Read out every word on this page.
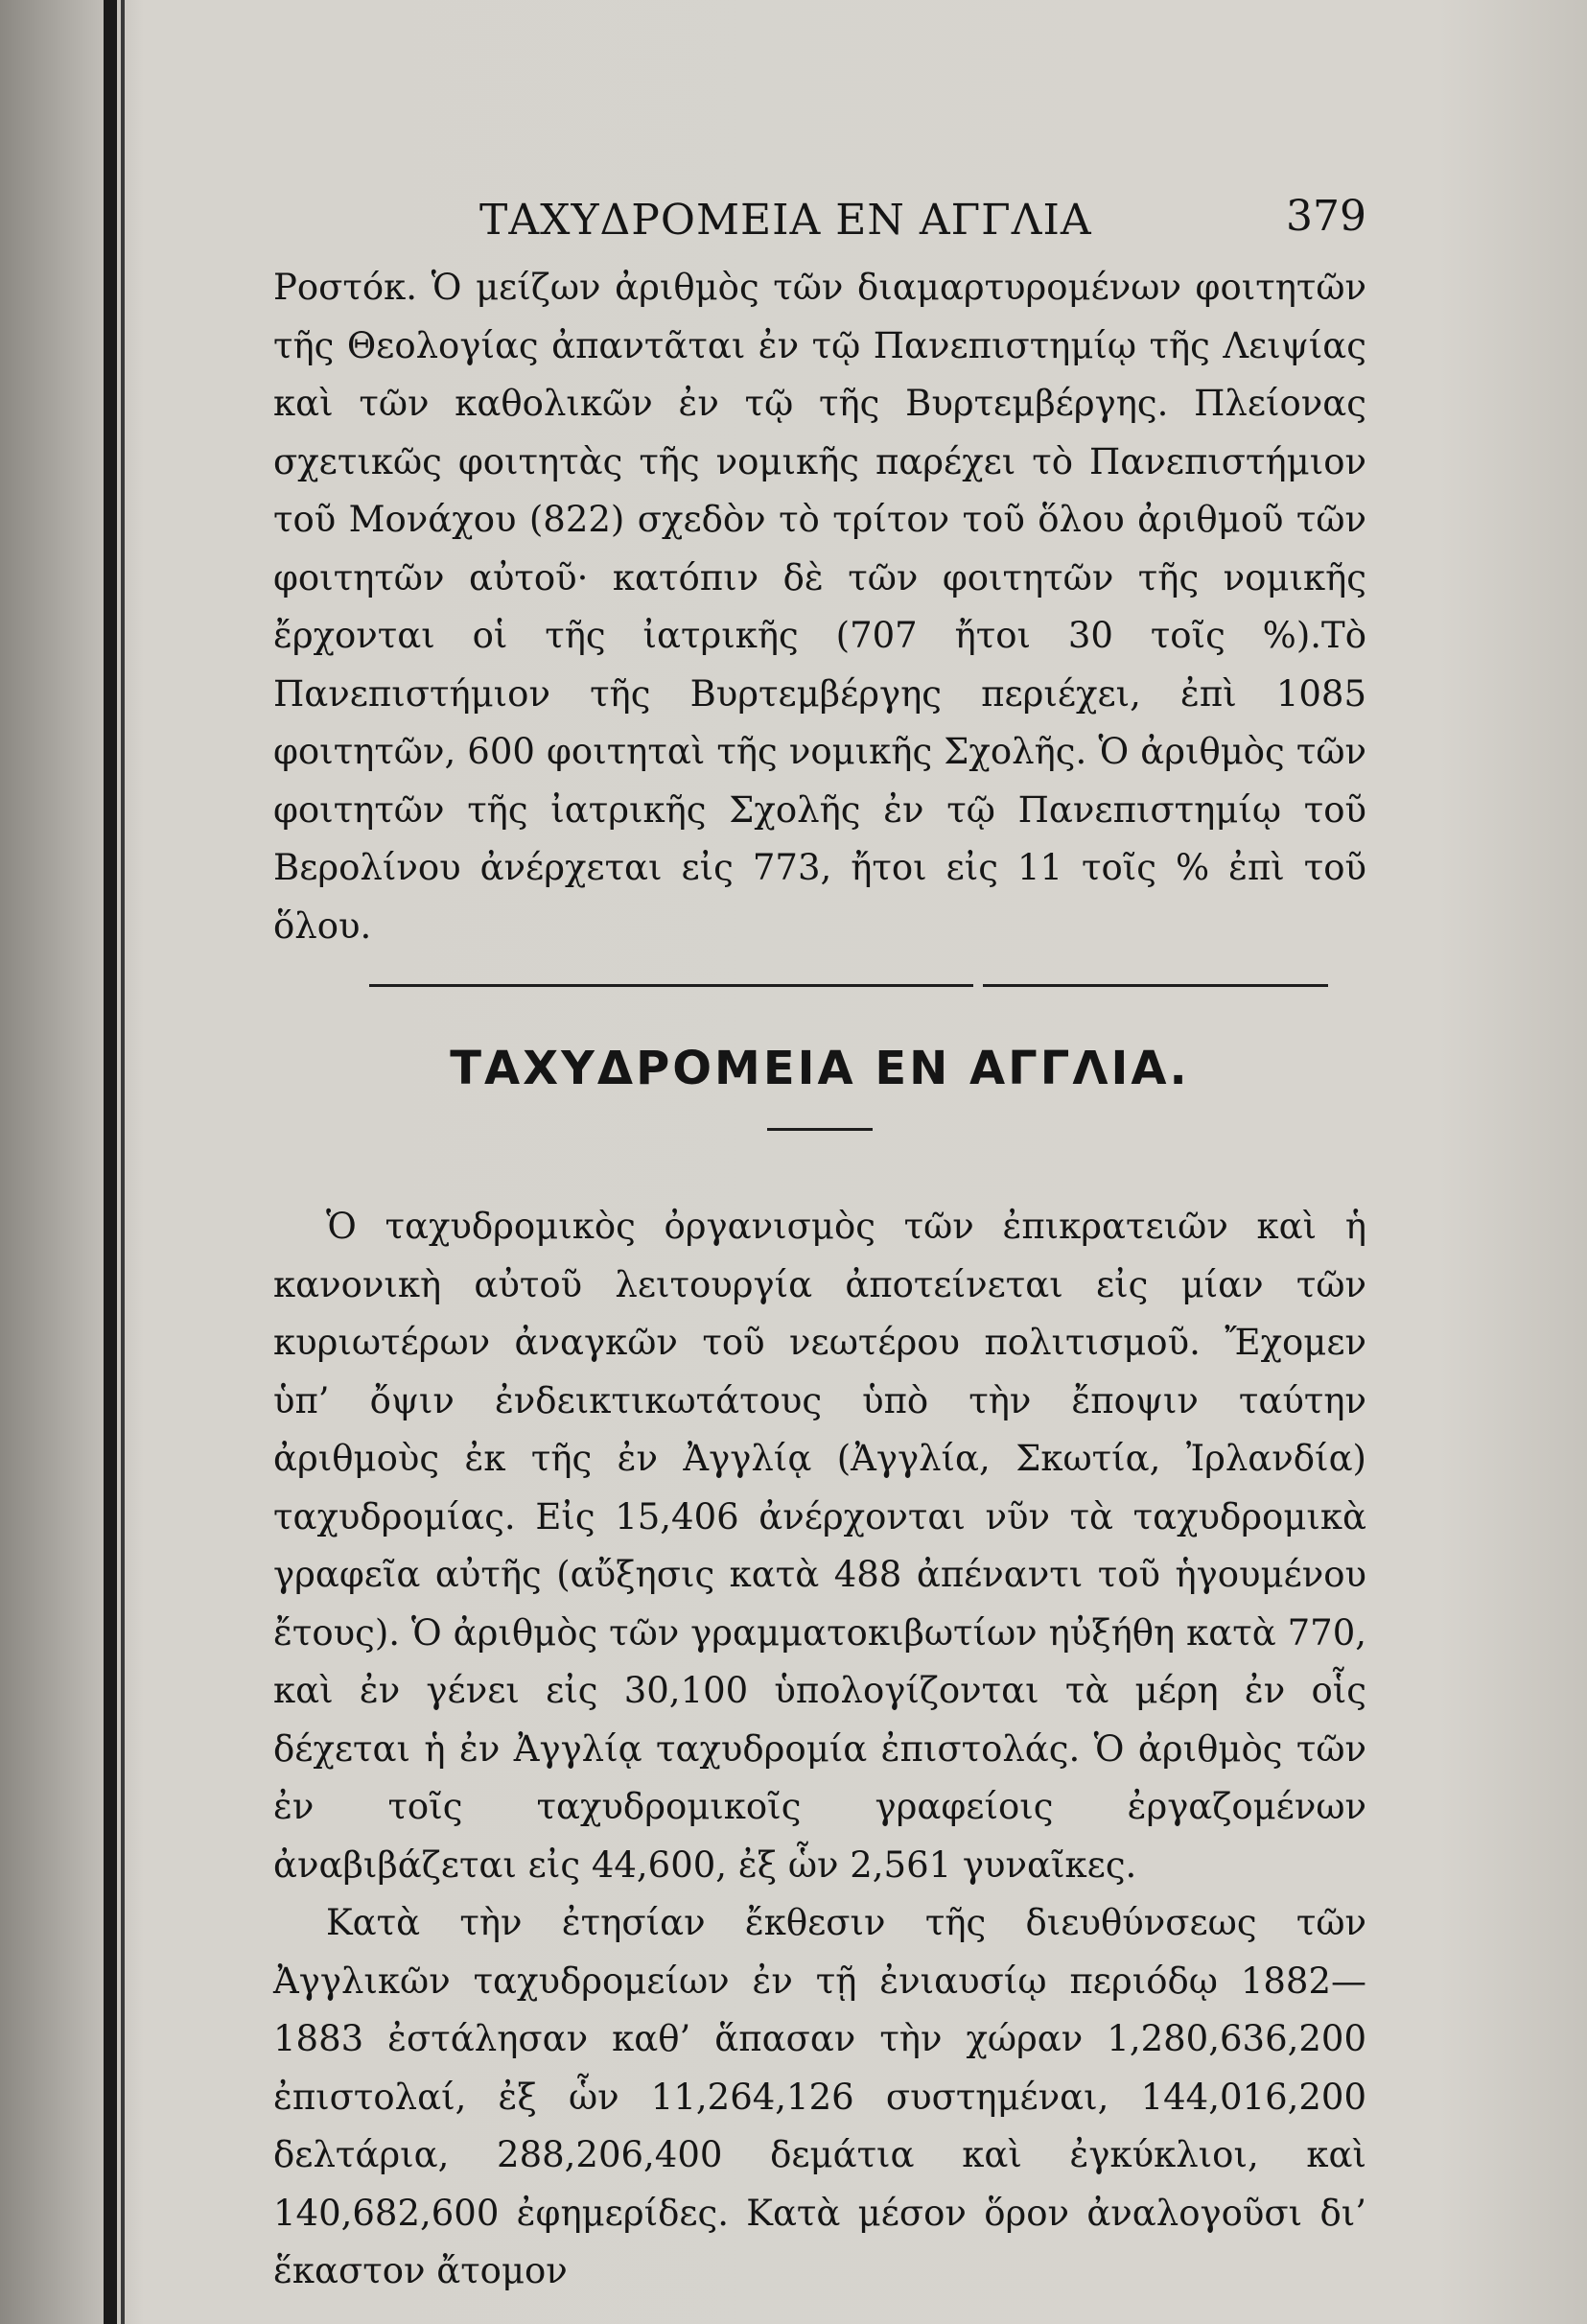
ΤΑΧΥΔΡΟΜΕΙΑ ΕΝ ΑΓΓΛΙΑ	379

Ροστόκ. Ὁ μείζων ἀριθμὸς τῶν διαμαρτυρομένων φοιτητῶν τῆς Θεολογίας ἀπαντᾶται ἐν τῷ Πανεπιστημίῳ τῆς Λειψίας καὶ τῶν καθολικῶν ἐν τῷ τῆς Βυρτεμβέργης. Πλείονας σχετικῶς φοιτητὰς τῆς νομικῆς παρέχει τὸ Πανεπιστήμιον τοῦ Μονάχου (822) σχεδὸν τὸ τρίτον τοῦ ὅλου ἀριθμοῦ τῶν φοιτητῶν αὐτοῦ· κατόπιν δὲ τῶν φοιτητῶν τῆς νομικῆς ἔρχονται οἱ τῆς ἰατρικῆς (707 ἤτοι 30 τοῖς %).Τὸ Πανεπιστήμιον τῆς Βυρτεμβέργης περιέχει, ἐπὶ 1085 φοιτητῶν, 600 φοιτηταὶ τῆς νομικῆς Σχολῆς. Ὁ ἀριθμὸς τῶν φοιτητῶν τῆς ἰατρικῆς Σχολῆς ἐν τῷ Πανεπιστημίῳ τοῦ Βερολίνου ἀνέρχεται εἰς 773, ἤτοι εἰς 11 τοῖς % ἐπὶ τοῦ ὅλου.

ΤΑΧΥΔΡΟΜΕΙΑ ΕΝ ΑΓΓΛΙΑ.

Ὁ ταχυδρομικὸς ὀργανισμὸς τῶν ἐπικρατειῶν καὶ ἡ κανονικὴ αὐτοῦ λειτουργία ἀποτείνεται εἰς μίαν τῶν κυριωτέρων ἀναγκῶν τοῦ νεωτέρου πολιτισμοῦ. Ἔχομεν ὑπ’ ὄψιν ἐνδεικτικωτάτους ὑπὸ τὴν ἔποψιν ταύτην ἀριθμοὺς ἐκ τῆς ἐν Ἀγγλίᾳ (Ἀγγλία, Σκωτία, Ἰρλανδία) ταχυδρομίας. Εἰς 15,406 ἀνέρχονται νῦν τὰ ταχυδρομικὰ γραφεῖα αὐτῆς (αὔξησις κατὰ 488 ἀπέναντι τοῦ ἡγουμένου ἔτους). Ὁ ἀριθμὸς τῶν γραμματοκιβωτίων ηὐξήθη κατὰ 770, καὶ ἐν γένει εἰς 30,100 ὑπολογίζονται τὰ μέρη ἐν οἷς δέχεται ἡ ἐν Ἀγγλίᾳ ταχυδρομία ἐπιστολάς. Ὁ ἀριθμὸς τῶν ἐν τοῖς ταχυδρομικοῖς γραφείοις ἐργαζομένων ἀναβιβάζεται εἰς 44,600, ἐξ ὧν 2,561 γυναῖκες.

Κατὰ τὴν ἐτησίαν ἔκθεσιν τῆς διευθύνσεως τῶν Ἀγγλικῶν ταχυδρομείων ἐν τῇ ἐνιαυσίῳ περιόδῳ 1882—1883 ἐστάλησαν καθ’ ἅπασαν τὴν χώραν 1,280,636,200 ἐπιστολαί, ἐξ ὧν 11,264,126 συστημέναι, 144,016,200 δελτάρια, 288,206,400 δεμάτια καὶ ἐγκύκλιοι, καὶ 140,682,600 ἐφημερίδες. Κατὰ μέσον ὅρον ἀναλογοῦσι δι’ ἕκαστον ἄτομον
